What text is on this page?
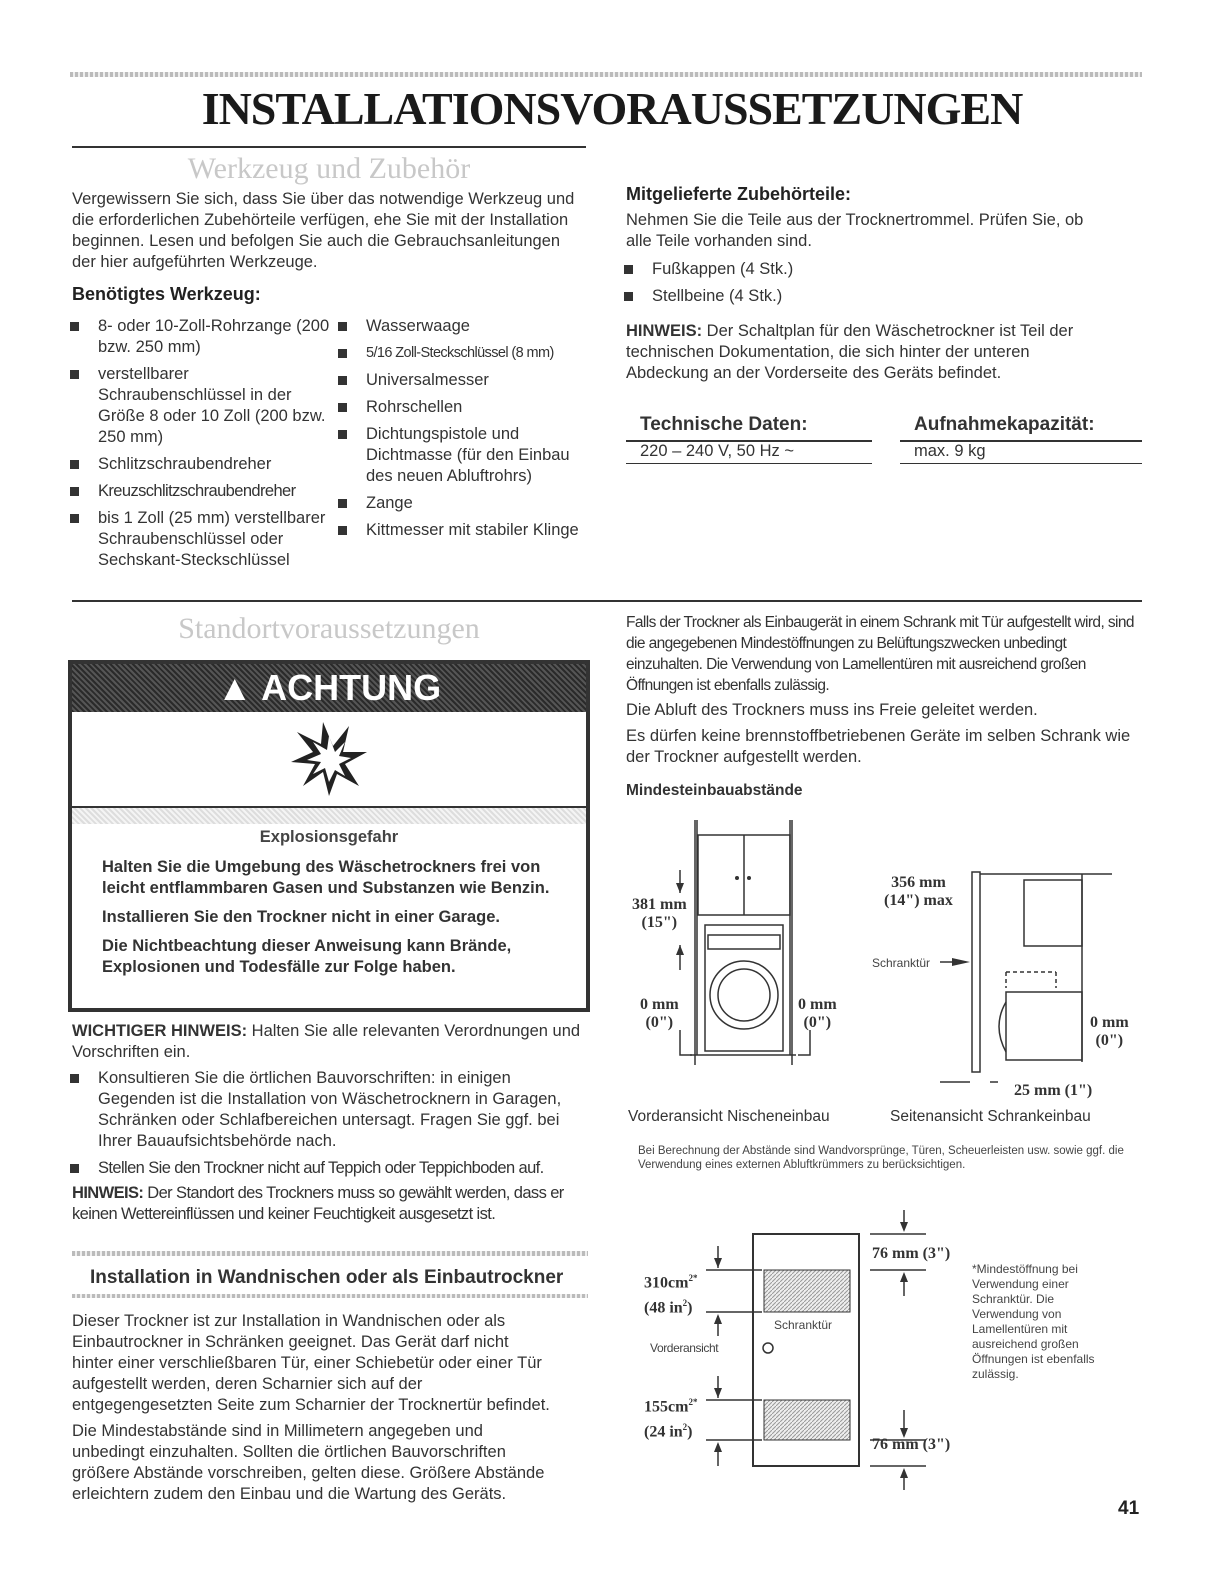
INSTALLATIONSVORAUSSETZUNGEN
Werkzeug und Zubehör
Vergewissern Sie sich, dass Sie über das notwendige Werkzeug und die erforderlichen Zubehörteile verfügen, ehe Sie mit der Installation beginnen. Lesen und befolgen Sie auch die Gebrauchsanleitungen der hier aufgeführten Werkzeuge.
Benötigtes Werkzeug:
8- oder 10-Zoll-Rohrzange (200 bzw. 250 mm)
verstellbarer Schraubenschlüssel in der Größe 8 oder 10 Zoll (200 bzw. 250 mm)
Schlitzschraubendreher
Kreuzschlitzschraubendreher
bis 1 Zoll (25 mm) verstellbarer Schraubenschlüssel oder Sechskant-Steckschlüssel
Wasserwaage
5/16 Zoll-Steckschlüssel (8 mm)
Universalmesser
Rohrschellen
Dichtungspistole und Dichtmasse (für den Einbau des neuen Abluftrohrs)
Zange
Kittmesser mit stabiler Klinge
Mitgelieferte Zubehörteile:
Nehmen Sie die Teile aus der Trocknertrommel. Prüfen Sie, ob alle Teile vorhanden sind.
Fußkappen (4 Stk.)
Stellbeine (4 Stk.)
HINWEIS: Der Schaltplan für den Wäschetrockner ist Teil der technischen Dokumentation, die sich hinter der unteren Abdeckung an der Vorderseite des Geräts befindet.
Technische Daten:
220 – 240 V, 50 Hz ~
Aufnahmekapazität:
max. 9 kg
Standortvoraussetzungen
▲ ACHTUNG
Explosionsgefahr
Halten Sie die Umgebung des Wäschetrockners frei von leicht entflammbaren Gasen und Substanzen wie Benzin.
Installieren Sie den Trockner nicht in einer Garage.
Die Nichtbeachtung dieser Anweisung kann Brände, Explosionen und Todesfälle zur Folge haben.
WICHTIGER HINWEIS: Halten Sie alle relevanten Verordnungen und Vorschriften ein.
Konsultieren Sie die örtlichen Bauvorschriften: in einigen Gegenden ist die Installation von Wäschetrocknern in Garagen, Schränken oder Schlafbereichen untersagt. Fragen Sie ggf. bei Ihrer Bauaufsichtsbehörde nach.
Stellen Sie den Trockner nicht auf Teppich oder Teppichboden auf.
HINWEIS: Der Standort des Trockners muss so gewählt werden, dass er keinen Wettereinflüssen und keiner Feuchtigkeit ausgesetzt ist.
Installation in Wandnischen oder als Einbautrockner
Dieser Trockner ist zur Installation in Wandnischen oder als Einbautrockner in Schränken geeignet. Das Gerät darf nicht hinter einer verschließbaren Tür, einer Schiebetür oder einer Tür aufgestellt werden, deren Scharnier sich auf der entgegengesetzten Seite zum Scharnier der Trocknertür befindet.
Die Mindestabstände sind in Millimetern angegeben und unbedingt einzuhalten. Sollten die örtlichen Bauvorschriften größere Abstände vorschreiben, gelten diese. Größere Abstände erleichtern zudem den Einbau und die Wartung des Geräts.
Falls der Trockner als Einbaugerät in einem Schrank mit Tür aufgestellt wird, sind die angegebenen Mindestöffnungen zu Belüftungszwecken unbedingt einzuhalten. Die Verwendung von Lamellentüren mit ausreichend großen Öffnungen ist ebenfalls zulässig.
Die Abluft des Trockners muss ins Freie geleitet werden.
Es dürfen keine brennstoffbetriebenen Geräte im selben Schrank wie der Trockner aufgestellt werden.
Mindesteinbauabstände
381 mm
(15")
0 mm
(0")
0 mm
(0")
Vorderansicht Nischeneinbau
356 mm
(14") max
Schranktür
0 mm
(0")
25 mm (1")
Seitenansicht Schrankeinbau
Bei Berechnung der Abstände sind Wandvorsprünge, Türen, Scheuerleisten usw. sowie ggf. die Verwendung eines externen Abluftkrümmers zu berücksichtigen.
$310cm^{2*}$
(48 $in^2$)
Vorderansicht
$155cm^{2*}$
(24 $in^2$)
Schranktür
76 mm (3")
76 mm (3")
*Mindestöffnung bei Verwendung einer Schranktür. Die Verwendung von Lamellentüren mit ausreichend großen Öffnungen ist ebenfalls zulässig.
41
